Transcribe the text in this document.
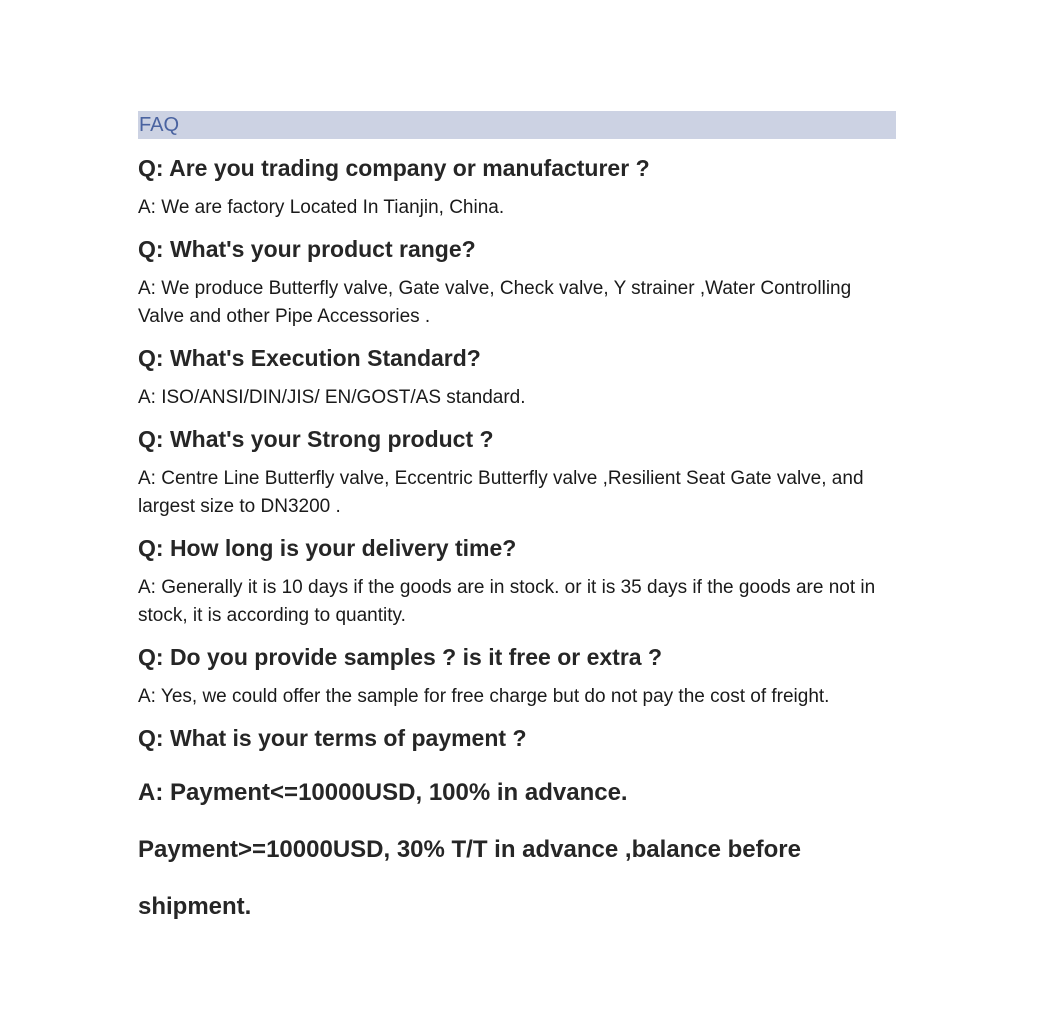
FAQ
Q: Are you trading company or manufacturer ?
A: We are factory Located In Tianjin, China.
Q: What's your product range?
A: We produce Butterfly valve, Gate valve, Check valve, Y strainer ,Water Controlling Valve and other Pipe Accessories .
Q: What's Execution Standard?
A: ISO/ANSI/DIN/JIS/ EN/GOST/AS standard.
Q: What's your Strong product ?
A: Centre Line Butterfly valve, Eccentric Butterfly valve ,Resilient Seat Gate valve, and largest size to DN3200 .
Q: How long is your delivery time?
A: Generally it is 10 days if the goods are in stock. or it is 35 days if the goods are not in stock, it is according to quantity.
Q: Do you provide samples ? is it free or extra ?
A: Yes, we could offer the sample for free charge but do not pay the cost of freight.
Q: What is your terms of payment ?
A: Payment<=10000USD, 100% in advance.
Payment>=10000USD, 30% T/T in advance ,balance before
shipment.
